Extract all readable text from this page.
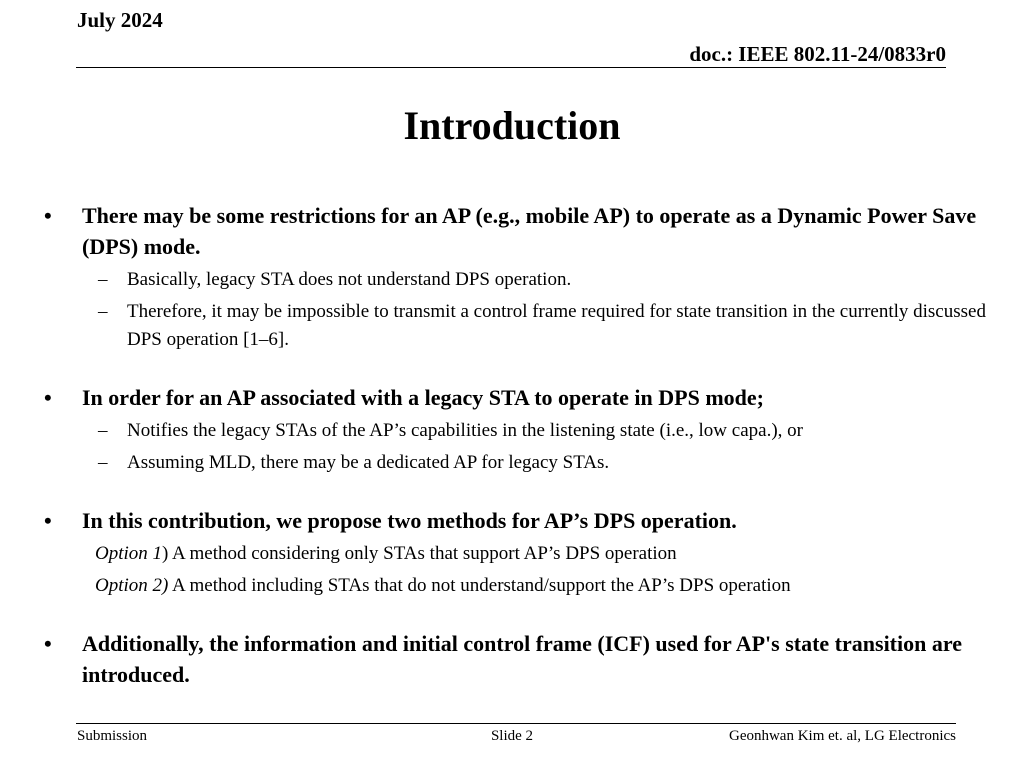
July 2024
doc.: IEEE 802.11-24/0833r0
Introduction
• There may be some restrictions for an AP (e.g., mobile AP) to operate as a Dynamic Power Save (DPS) mode.
– Basically, legacy STA does not understand DPS operation.
– Therefore, it may be impossible to transmit a control frame required for state transition in the currently discussed DPS operation [1–6].
• In order for an AP associated with a legacy STA to operate in DPS mode;
– Notifies the legacy STAs of the AP’s capabilities in the listening state (i.e., low capa.), or
– Assuming MLD, there may be a dedicated AP for legacy STAs.
• In this contribution, we propose two methods for AP’s DPS operation.
Option 1) A method considering only STAs that support AP’s DPS operation
Option 2) A method including STAs that do not understand/support the AP’s DPS operation
• Additionally, the information and initial control frame (ICF) used for AP's state transition are introduced.
Submission	Slide 2	Geonhwan Kim et. al, LG Electronics
